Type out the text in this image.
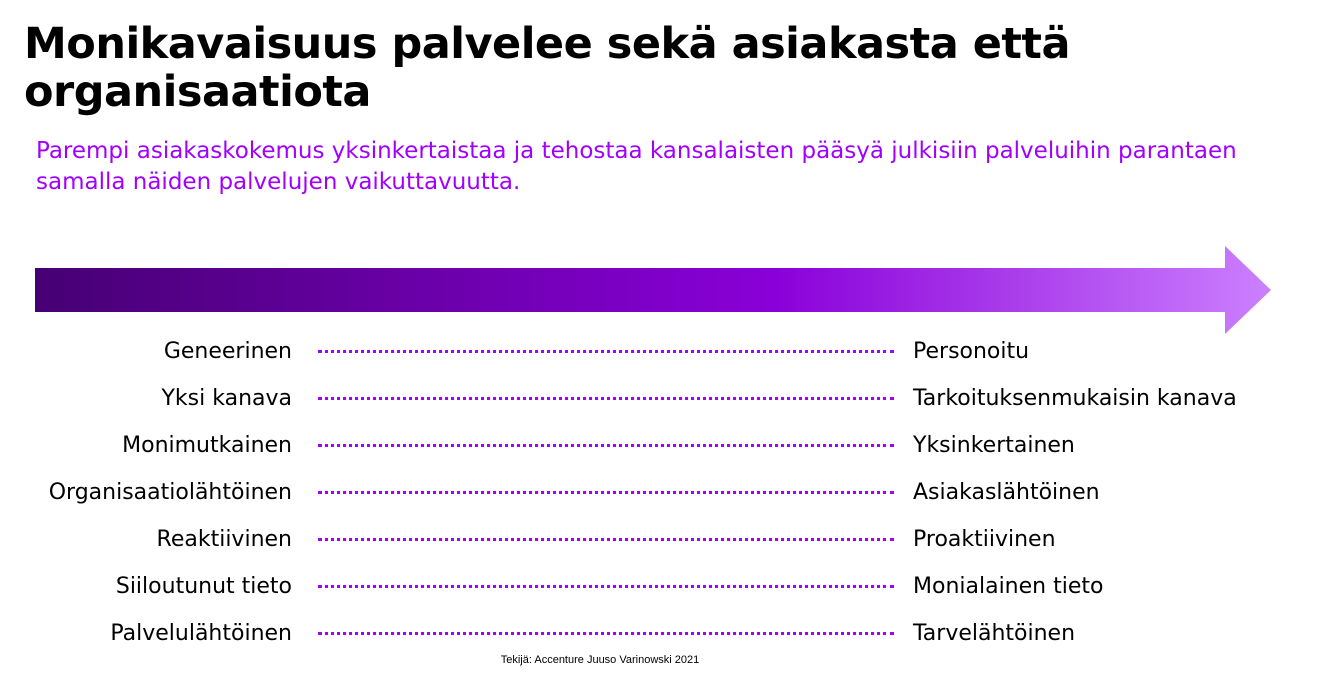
Monikavaisuus palvelee sekä asiakasta että organisaatiota

Parempi asiakaskokemus yksinkertaistaa ja tehostaa kansalaisten pääsyä julkisiin palveluihin parantaen samalla näiden palvelujen vaikuttavuutta.

Geneerinen	Personoitu
Yksi kanava	Tarkoituksenmukaisin kanava
Monimutkainen	Yksinkertainen
Organisaatiolähtöinen	Asiakaslähtöinen
Reaktiivinen	Proaktiivinen
Siiloutunut tieto	Monialainen tieto
Palvelulähtöinen	Tarvelähtöinen
Tekijä: Accenture Juuso Varinowski 2021
